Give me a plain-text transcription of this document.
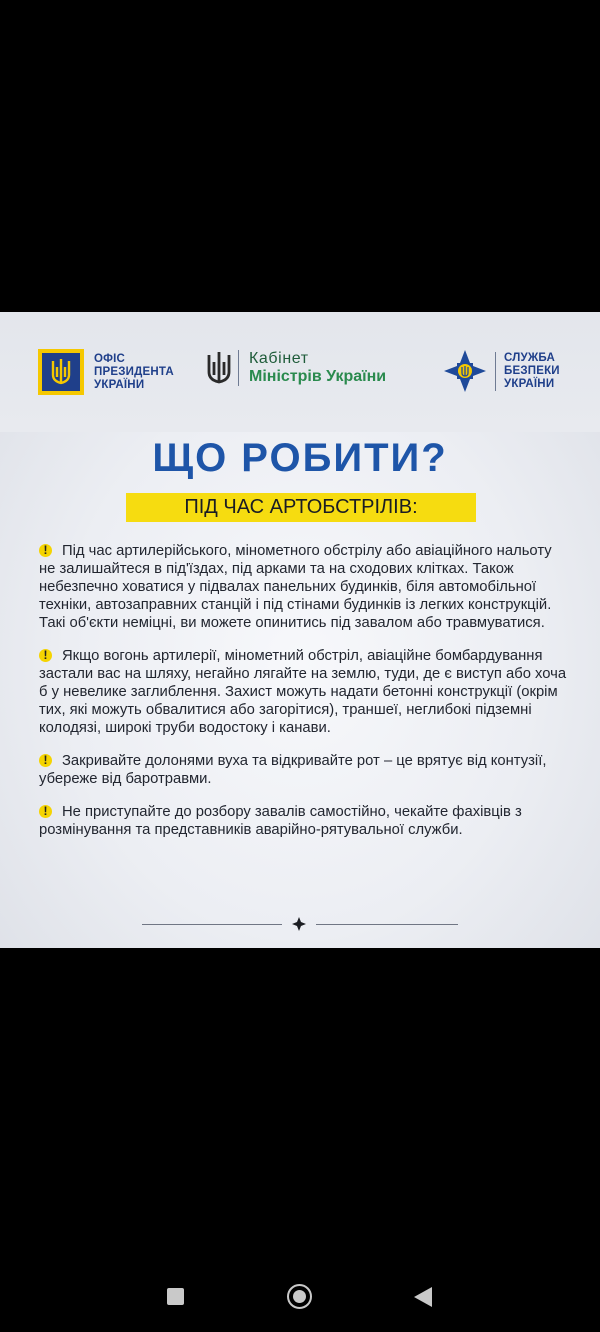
ОФІС
ПРЕЗИДЕНТА
УКРАЇНИ
Кабінет
Міністрів України
СЛУЖБА
БЕЗПЕКИ
УКРАЇНИ
ЩО РОБИТИ?
ПІД ЧАС АРТОБСТРІЛІВ:
! Під час артилерійського, мінометного обстрілу або авіаційного нальоту не залишайтеся в під'їздах, під арками та на сходових клітках. Також небезпечно ховатися у підвалах панельних будинків, біля автомобільної техніки, автозаправних станцій і під стінами будинків із легких конструкцій. Такі об'єкти неміцні, ви можете опинитись під завалом або травмуватися.
! Якщо вогонь артилерії, мінометний обстріл, авіаційне бомбардування застали вас на шляху, негайно лягайте на землю, туди, де є виступ або хоча б у невелике заглиблення. Захист можуть надати бетонні конструкції (окрім тих, які можуть обвалитися або загорітися), траншеї, неглибокі підземні колодязі, широкі труби водостоку і канави.
! Закривайте долонями вуха та відкривайте рот – це врятує від контузії, убереже від баротравми.
! Не приступайте до розбору завалів самостійно, чекайте фахівців з розмінування та представників аварійно-рятувальної служби.
